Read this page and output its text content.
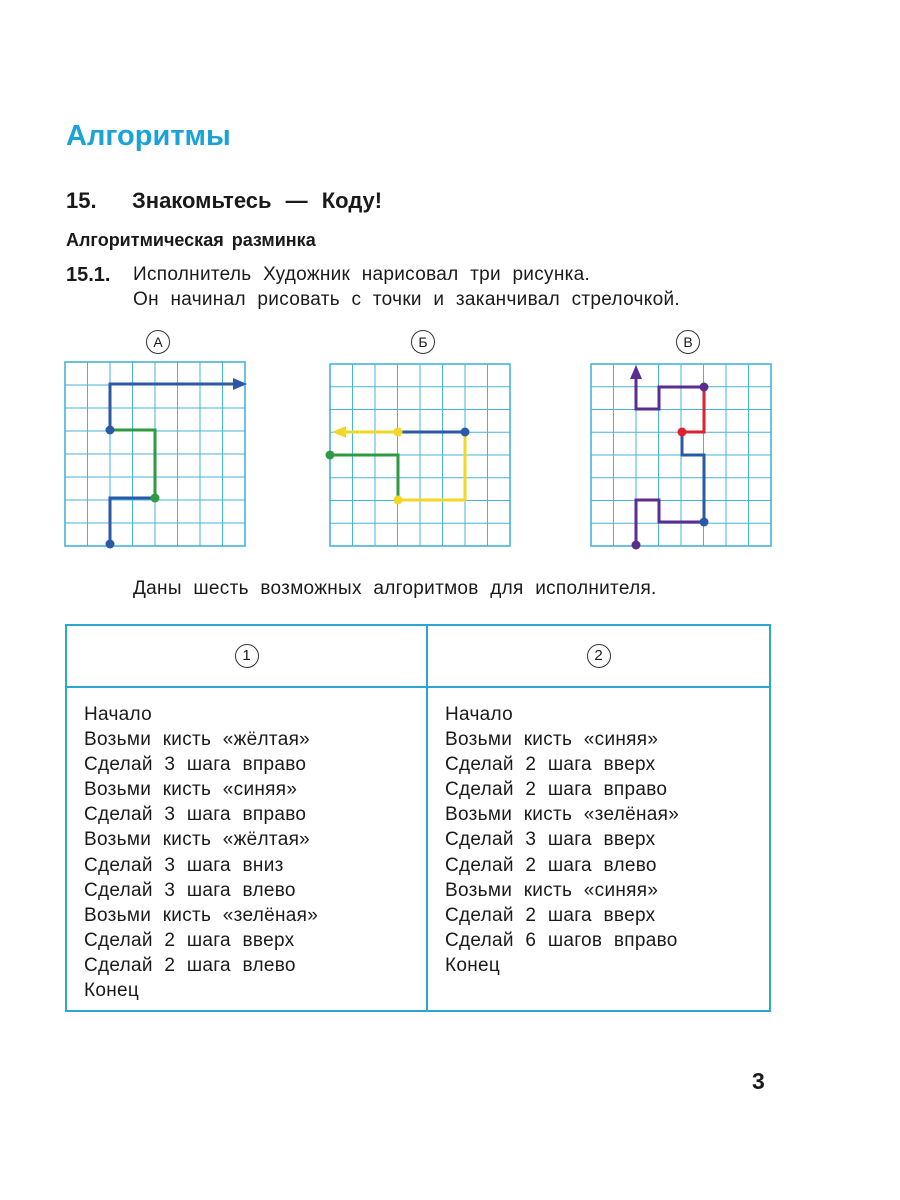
Алгоритмы
15. Знакомьтесь — Коду!
Алгоритмическая разминка
15.1. Исполнитель Художник нарисовал три рисунка.
Он начинал рисовать с точки и заканчивал стрелочкой.
А	Б	В
Даны шесть возможных алгоритмов для исполнителя.
1
Начало
Возьми кисть «жёлтая»
Сделай 3 шага вправо
Возьми кисть «синяя»
Сделай 3 шага вправо
Возьми кисть «жёлтая»
Сделай 3 шага вниз
Сделай 3 шага влево
Возьми кисть «зелёная»
Сделай 2 шага вверх
Сделай 2 шага влево
Конец
2
Начало
Возьми кисть «синяя»
Сделай 2 шага вверх
Сделай 2 шага вправо
Возьми кисть «зелёная»
Сделай 3 шага вверх
Сделай 2 шага влево
Возьми кисть «синяя»
Сделай 2 шага вверх
Сделай 6 шагов вправо
Конец
3
